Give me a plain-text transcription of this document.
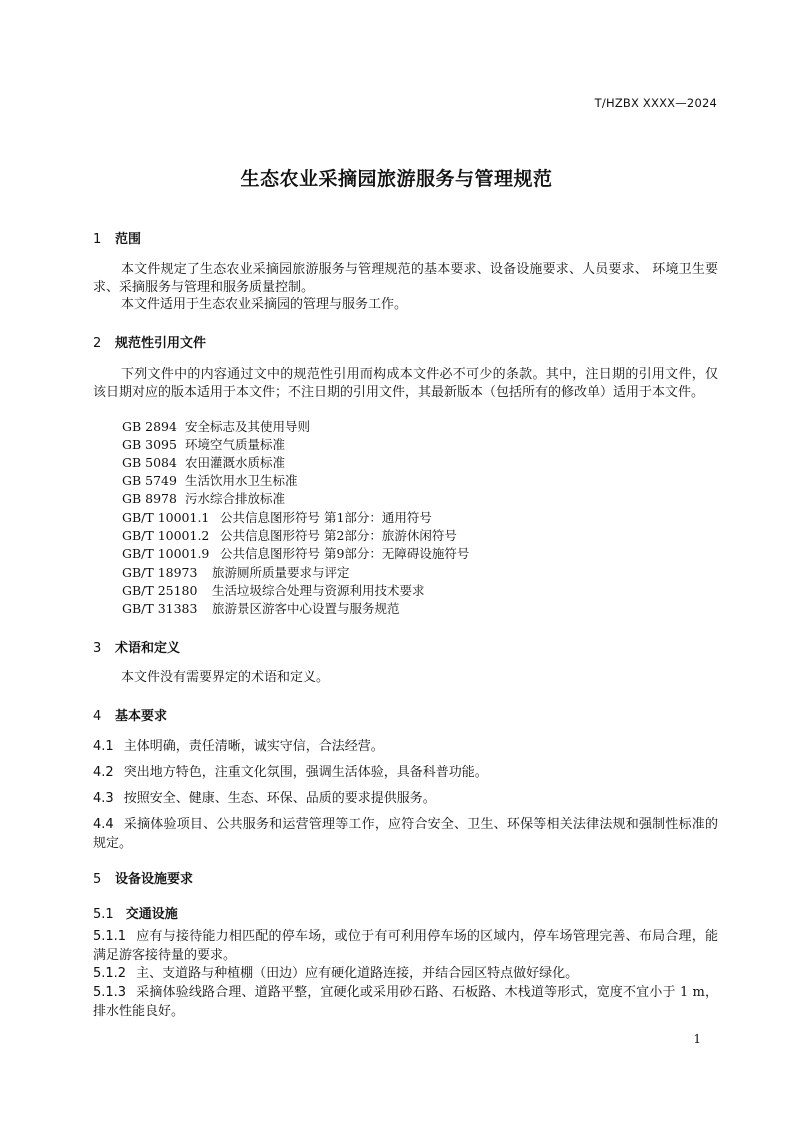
T/HZBX XXXX—2024
生态农业采摘园旅游服务与管理规范
1 范围
本文件规定了生态农业采摘园旅游服务与管理规范的基本要求、设备设施要求、人员要求、 环境卫生要求、采摘服务与管理和服务质量控制。
本文件适用于生态农业采摘园的管理与服务工作。
2 规范性引用文件
下列文件中的内容通过文中的规范性引用而构成本文件必不可少的条款。其中，注日期的引用文件，仅该日期对应的版本适用于本文件；不注日期的引用文件，其最新版本（包括所有的修改单）适用于本文件。
GB 2894 安全标志及其使用导则
GB 3095 环境空气质量标准
GB 5084 农田灌溉水质标准
GB 5749 生活饮用水卫生标准
GB 8978 污水综合排放标准
GB/T 10001.1 公共信息图形符号 第1部分：通用符号
GB/T 10001.2 公共信息图形符号 第2部分：旅游休闲符号
GB/T 10001.9 公共信息图形符号 第9部分：无障碍设施符号
GB/T 18973 旅游厕所质量要求与评定
GB/T 25180 生活垃圾综合处理与资源利用技术要求
GB/T 31383 旅游景区游客中心设置与服务规范
3 术语和定义
本文件没有需要界定的术语和定义。
4 基本要求
4.1 主体明确，责任清晰，诚实守信，合法经营。
4.2 突出地方特色，注重文化氛围，强调生活体验，具备科普功能。
4.3 按照安全、健康、生态、环保、品质的要求提供服务。
4.4 采摘体验项目、公共服务和运营管理等工作，应符合安全、卫生、环保等相关法律法规和强制性标准的规定。
5 设备设施要求
5.1 交通设施
5.1.1 应有与接待能力相匹配的停车场，或位于有可利用停车场的区域内，停车场管理完善、布局合理，能满足游客接待量的要求。
5.1.2 主、支道路与种植棚（田边）应有硬化道路连接，并结合园区特点做好绿化。
5.1.3 采摘体验线路合理、道路平整，宜硬化或采用砂石路、石板路、木栈道等形式，宽度不宜小于 1 m，排水性能良好。
1
